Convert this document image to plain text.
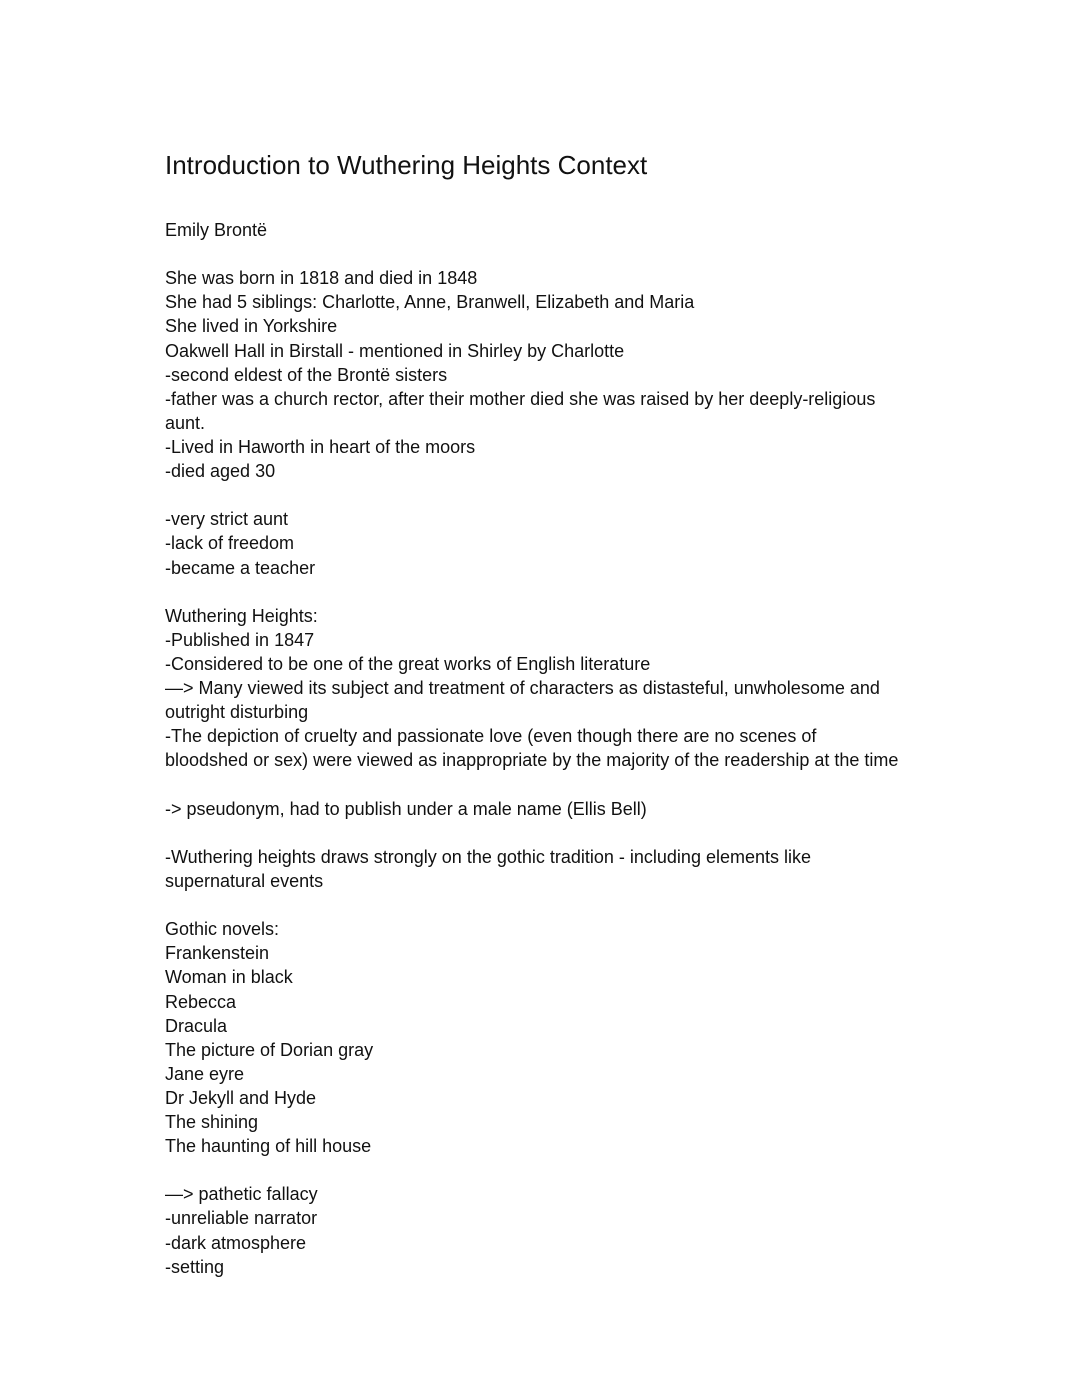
Introduction to Wuthering Heights Context
Emily Brontë
She was born in 1818 and died in 1848
She had 5 siblings: Charlotte, Anne, Branwell, Elizabeth and Maria
She lived in Yorkshire
Oakwell Hall in Birstall - mentioned in Shirley by Charlotte
-second eldest of the Brontë sisters
-father was a church rector, after their mother died she was raised by her deeply-religious
aunt.
-Lived in Haworth in heart of the moors
-died aged 30
-very strict aunt
-lack of freedom
-became a teacher
Wuthering Heights:
-Published in 1847
-Considered to be one of the great works of English literature
—> Many viewed its subject and treatment of characters as distasteful, unwholesome and
outright disturbing
-The depiction of cruelty and passionate love (even though there are no scenes of
bloodshed or sex) were viewed as inappropriate by the majority of the readership at the time
-> pseudonym, had to publish under a male name (Ellis Bell)
-Wuthering heights draws strongly on the gothic tradition - including elements like
supernatural events
Gothic novels:
Frankenstein
Woman in black
Rebecca
Dracula
The picture of Dorian gray
Jane eyre
Dr Jekyll and Hyde
The shining
The haunting of hill house
—> pathetic fallacy
-unreliable narrator
-dark atmosphere
-setting
